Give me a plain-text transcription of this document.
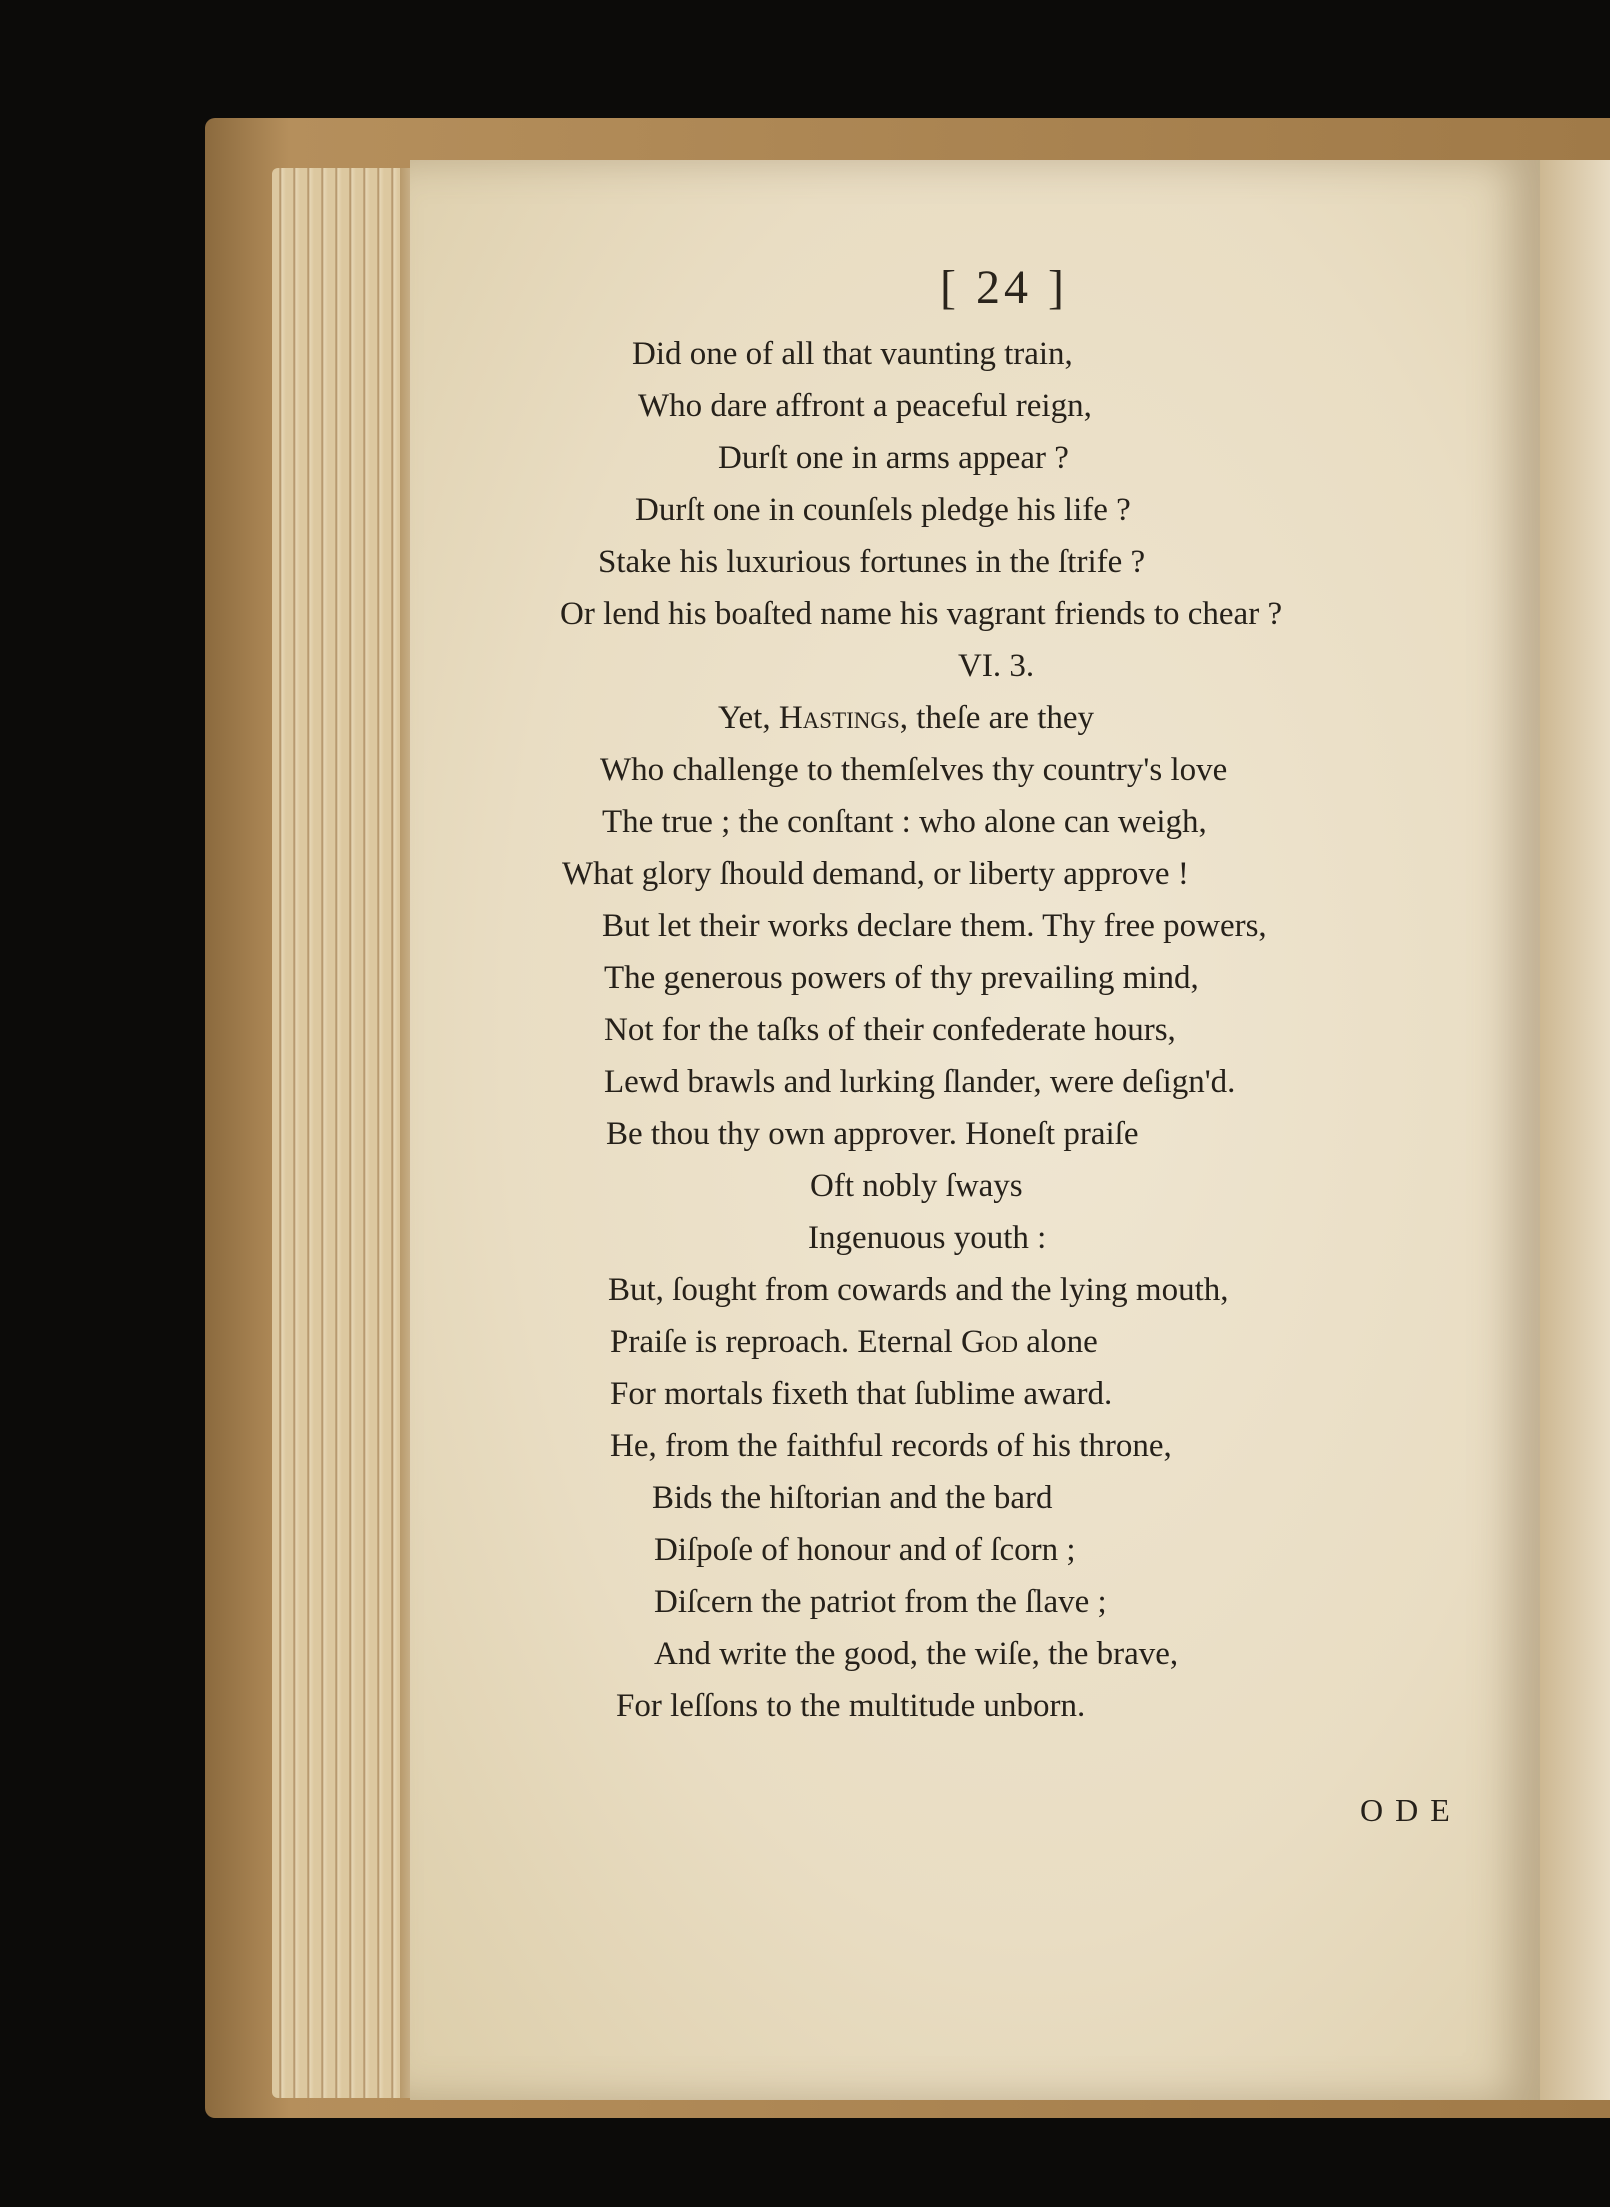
[ 24 ]
Did one of all that vaunting train,
Who dare affront a peaceful reign,
Durſt one in arms appear ?
Durſt one in counſels pledge his life ?
Stake his luxurious fortunes in the ſtrife ?
Or lend his boaſted name his vagrant friends to chear ?
VI. 3.
Yet, Hastings, theſe are they
Who challenge to themſelves thy country's love
The true ; the conſtant : who alone can weigh,
What glory ſhould demand, or liberty approve !
But let their works declare them. Thy free powers,
The generous powers of thy prevailing mind,
Not for the taſks of their confederate hours,
Lewd brawls and lurking ſlander, were deſign'd.
Be thou thy own approver. Honeſt praiſe
Oft nobly ſways
Ingenuous youth :
But, ſought from cowards and the lying mouth,
Praiſe is reproach. Eternal God alone
For mortals fixeth that ſublime award.
He, from the faithful records of his throne,
Bids the hiſtorian and the bard
Diſpoſe of honour and of ſcorn ;
Diſcern the patriot from the ſlave ;
And write the good, the wiſe, the brave,
For leſſons to the multitude unborn.
ODE
